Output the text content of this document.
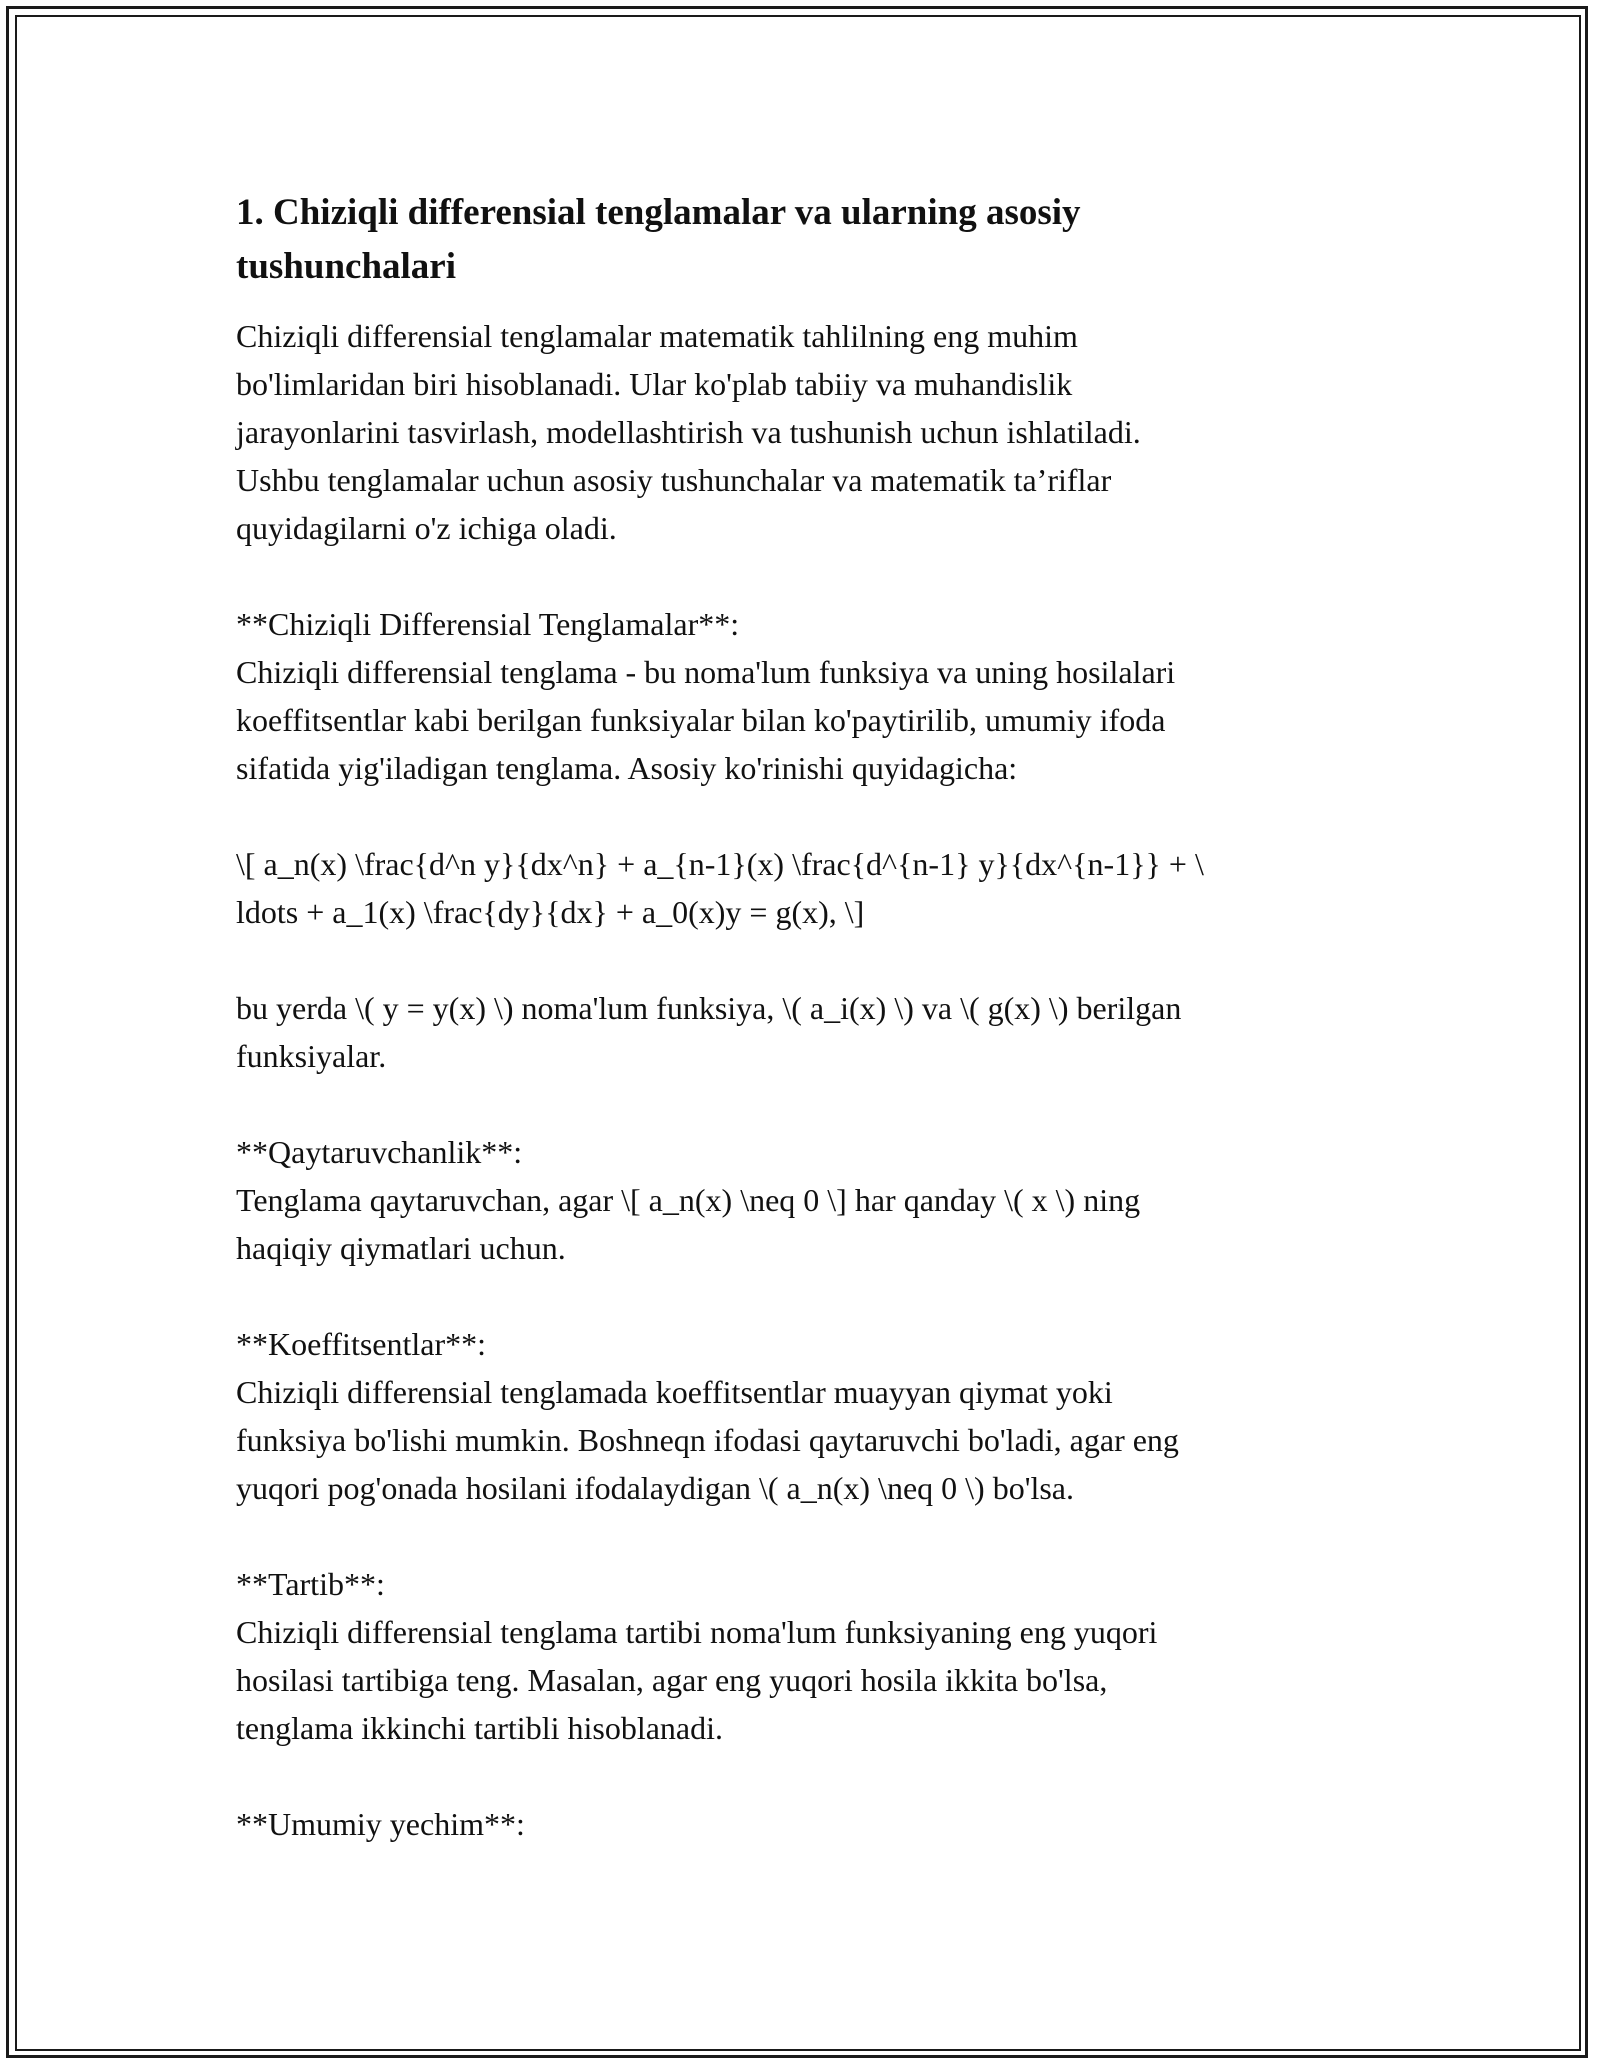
1. Chiziqli differensial tenglamalar va ularning asosiy
tushunchalari

Chiziqli differensial tenglamalar matematik tahlilning eng muhim
bo'limlaridan biri hisoblanadi. Ular ko'plab tabiiy va muhandislik
jarayonlarini tasvirlash, modellashtirish va tushunish uchun ishlatiladi.
Ushbu tenglamalar uchun asosiy tushunchalar va matematik ta’riflar
quyidagilarni o'z ichiga oladi.

**Chiziqli Differensial Tenglamalar**:

Chiziqli differensial tenglama - bu noma'lum funksiya va uning hosilalari
koeffitsentlar kabi berilgan funksiyalar bilan ko'paytirilib, umumiy ifoda
sifatida yig'iladigan tenglama. Asosiy ko'rinishi quyidagicha:

\[ a_n(x) \frac{d^n y}{dx^n} + a_{n-1}(x) \frac{d^{n-1} y}{dx^{n-1}} + \
ldots + a_1(x) \frac{dy}{dx} + a_0(x)y = g(x), \]

bu yerda \( y = y(x) \) noma'lum funksiya, \( a_i(x) \) va \( g(x) \) berilgan
funksiyalar.

**Qaytaruvchanlik**:

Tenglama qaytaruvchan, agar \[ a_n(x) \neq 0 \] har qanday \( x \) ning
haqiqiy qiymatlari uchun.

**Koeffitsentlar**:

Chiziqli differensial tenglamada koeffitsentlar muayyan qiymat yoki
funksiya bo'lishi mumkin. Boshneqn ifodasi qaytaruvchi bo'ladi, agar eng
yuqori pog'onada hosilani ifodalaydigan \( a_n(x) \neq 0 \) bo'lsa.

**Tartib**:

Chiziqli differensial tenglama tartibi noma'lum funksiyaning eng yuqori
hosilasi tartibiga teng. Masalan, agar eng yuqori hosila ikkita bo'lsa,
tenglama ikkinchi tartibli hisoblanadi.

**Umumiy yechim**:
